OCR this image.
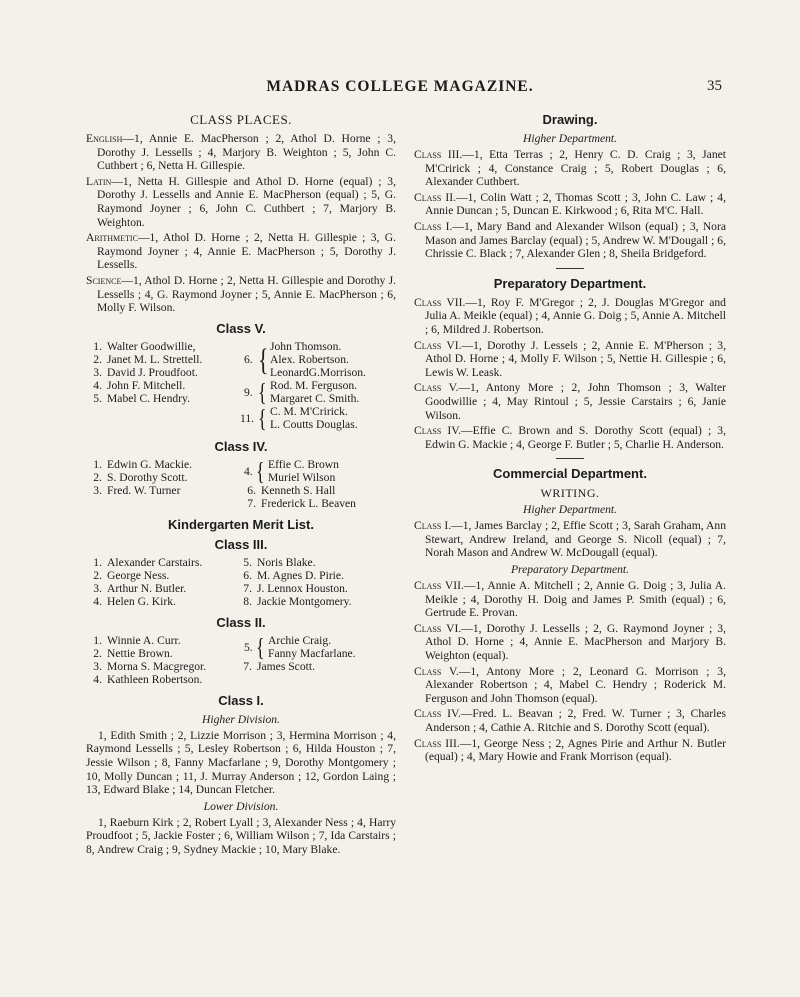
MADRAS COLLEGE MAGAZINE.	35
CLASS PLACES.

English—1, Annie E. MacPherson ; 2, Athol D. Horne ; 3, Dorothy J. Lessells ; 4, Marjory B. Weighton ; 5, John C. Cuthbert ; 6, Netta H. Gillespie.

Latin—1, Netta H. Gillespie and Athol D. Horne (equal) ; 3, Dorothy J. Lessells and Annie E. MacPherson (equal) ; 5, G. Raymond Joyner ; 6, John C. Cuthbert ; 7, Marjory B. Weighton.

Arithmetic—1, Athol D. Horne ; 2, Netta H. Gillespie ; 3, G. Raymond Joyner ; 4, Annie E. MacPherson ; 5, Dorothy J. Lessells.

Science—1, Athol D. Horne ; 2, Netta H. Gillespie and Dorothy J. Lessells ; 4, G. Raymond Joyner ; 5, Annie E. MacPherson ; 6, Molly F. Wilson.

Class V.
1. Walter Goodwillie,
2. Janet M. L. Strettell.
3. David J. Proudfoot.
4. John F. Mitchell.
5. Mabel C. Hendry.
6. { John Thomson.
Alex. Robertson.
LeonardG.Morrison.
9. { Rod. M. Ferguson.
Margaret C. Smith.
11. { C. M. M'Cririck.
L. Coutts Douglas.
Class IV.
1. Edwin G. Mackie.
2. S. Dorothy Scott.
3. Fred. W. Turner
4. { Effie C. Brown
Muriel Wilson
6. Kenneth S. Hall
7. Frederick L. Beaven
Kindergarten Merit List.
Class III.
1. Alexander Carstairs.
2. George Ness.
3. Arthur N. Butler.
4. Helen G. Kirk.
5. Noris Blake.
6. M. Agnes D. Pirie.
7. J. Lennox Houston.
8. Jackie Montgomery.
Class II.
1. Winnie A. Curr.
2. Nettie Brown.
3. Morna S. Macgregor.
4. Kathleen Robertson.
5. { Archie Craig.
Fanny Macfarlane.
7. James Scott.
Class I.
Higher Division.

1, Edith Smith ; 2, Lizzie Morrison ; 3, Hermina Morrison ; 4, Raymond Lessells ; 5, Lesley Robertson ; 6, Hilda Houston ; 7, Jessie Wilson ; 8, Fanny Macfarlane ; 9, Dorothy Montgomery ; 10, Molly Duncan ; 11, J. Murray Anderson ; 12, Gordon Laing ; 13, Edward Blake ; 14, Duncan Fletcher.

Lower Division.

1, Raeburn Kirk ; 2, Robert Lyall ; 3, Alexander Ness ; 4, Harry Proudfoot ; 5, Jackie Foster ; 6, William Wilson ; 7, Ida Carstairs ; 8, Andrew Craig ; 9, Sydney Mackie ; 10, Mary Blake.

Drawing.
Higher Department.

Class III.—1, Etta Terras ; 2, Henry C. D. Craig ; 3, Janet M'Cririck ; 4, Constance Craig ; 5, Robert Douglas ; 6, Alexander Cuthbert.

Class II.—1, Colin Watt ; 2, Thomas Scott ; 3, John C. Law ; 4, Annie Duncan ; 5, Duncan E. Kirkwood ; 6, Rita M'C. Hall.

Class I.—1, Mary Band and Alexander Wilson (equal) ; 3, Nora Mason and James Barclay (equal) ; 5, Andrew W. M'Dougall ; 6, Chrissie C. Black ; 7, Alexander Glen ; 8, Sheila Bridgeford.

Preparatory Department.

Class VII.—1, Roy F. M'Gregor ; 2, J. Douglas M'Gregor and Julia A. Meikle (equal) ; 4, Annie G. Doig ; 5, Annie A. Mitchell ; 6, Mildred J. Robertson.

Class VI.—1, Dorothy J. Lessels ; 2, Annie E. M'Pherson ; 3, Athol D. Horne ; 4, Molly F. Wilson ; 5, Nettie H. Gillespie ; 6, Lewis W. Leask.

Class V.—1, Antony More ; 2, John Thomson ; 3, Walter Goodwillie ; 4, May Rintoul ; 5, Jessie Carstairs ; 6, Janie Wilson.

Class IV.—Effie C. Brown and S. Dorothy Scott (equal) ; 3, Edwin G. Mackie ; 4, George F. Butler ; 5, Charlie H. Anderson.

Commercial Department.
WRITING.
Higher Department.

Class I.—1, James Barclay ; 2, Effie Scott ; 3, Sarah Graham, Ann Stewart, Andrew Ireland, and George S. Nicoll (equal) ; 7, Norah Mason and Andrew W. McDougall (equal).

Preparatory Department.

Class VII.—1, Annie A. Mitchell ; 2, Annie G. Doig ; 3, Julia A. Meikle ; 4, Dorothy H. Doig and James P. Smith (equal) ; 6, Gertrude E. Provan.

Class VI.—1, Dorothy J. Lessells ; 2, G. Raymond Joyner ; 3, Athol D. Horne ; 4, Annie E. MacPherson and Marjory B. Weighton (equal).

Class V.—1, Antony More ; 2, Leonard G. Morrison ; 3, Alexander Robertson ; 4, Mabel C. Hendry ; Roderick M. Ferguson and John Thomson (equal).

Class IV.—Fred. L. Beavan ; 2, Fred. W. Turner ; 3, Charles Anderson ; 4, Cathie A. Ritchie and S. Dorothy Scott (equal).

Class III.—1, George Ness ; 2, Agnes Pirie and Arthur N. Butler (equal) ; 4, Mary Howie and Frank Morrison (equal).
